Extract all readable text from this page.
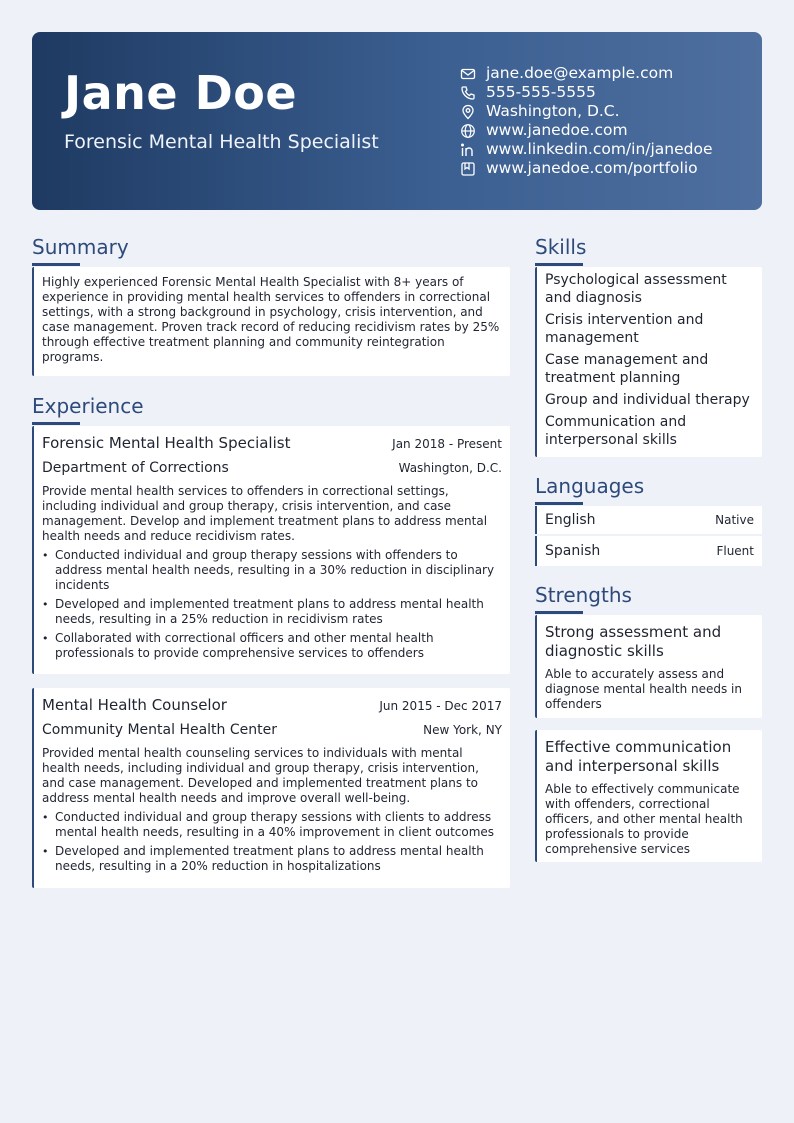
Jane Doe
Forensic Mental Health Specialist
jane.doe@example.com
555-555-5555
Washington, D.C.
www.janedoe.com
www.linkedin.com/in/janedoe
www.janedoe.com/portfolio
Summary
Highly experienced Forensic Mental Health Specialist with 8+ years of experience in providing mental health services to offenders in correctional settings, with a strong background in psychology, crisis intervention, and case management. Proven track record of reducing recidivism rates by 25% through effective treatment planning and community reintegration programs.
Experience
Forensic Mental Health Specialist	Jan 2018 - Present
Department of Corrections	Washington, D.C.
Provide mental health services to offenders in correctional settings, including individual and group therapy, crisis intervention, and case management. Develop and implement treatment plans to address mental health needs and reduce recidivism rates.
• Conducted individual and group therapy sessions with offenders to address mental health needs, resulting in a 30% reduction in disciplinary incidents
• Developed and implemented treatment plans to address mental health needs, resulting in a 25% reduction in recidivism rates
• Collaborated with correctional officers and other mental health professionals to provide comprehensive services to offenders
Mental Health Counselor	Jun 2015 - Dec 2017
Community Mental Health Center	New York, NY
Provided mental health counseling services to individuals with mental health needs, including individual and group therapy, crisis intervention, and case management. Developed and implemented treatment plans to address mental health needs and improve overall well-being.
• Conducted individual and group therapy sessions with clients to address mental health needs, resulting in a 40% improvement in client outcomes
• Developed and implemented treatment plans to address mental health needs, resulting in a 20% reduction in hospitalizations
Skills
Psychological assessment and diagnosis
Crisis intervention and management
Case management and treatment planning
Group and individual therapy
Communication and interpersonal skills
Languages
English	Native
Spanish	Fluent
Strengths
Strong assessment and diagnostic skills
Able to accurately assess and diagnose mental health needs in offenders
Effective communication and interpersonal skills
Able to effectively communicate with offenders, correctional officers, and other mental health professionals to provide comprehensive services
